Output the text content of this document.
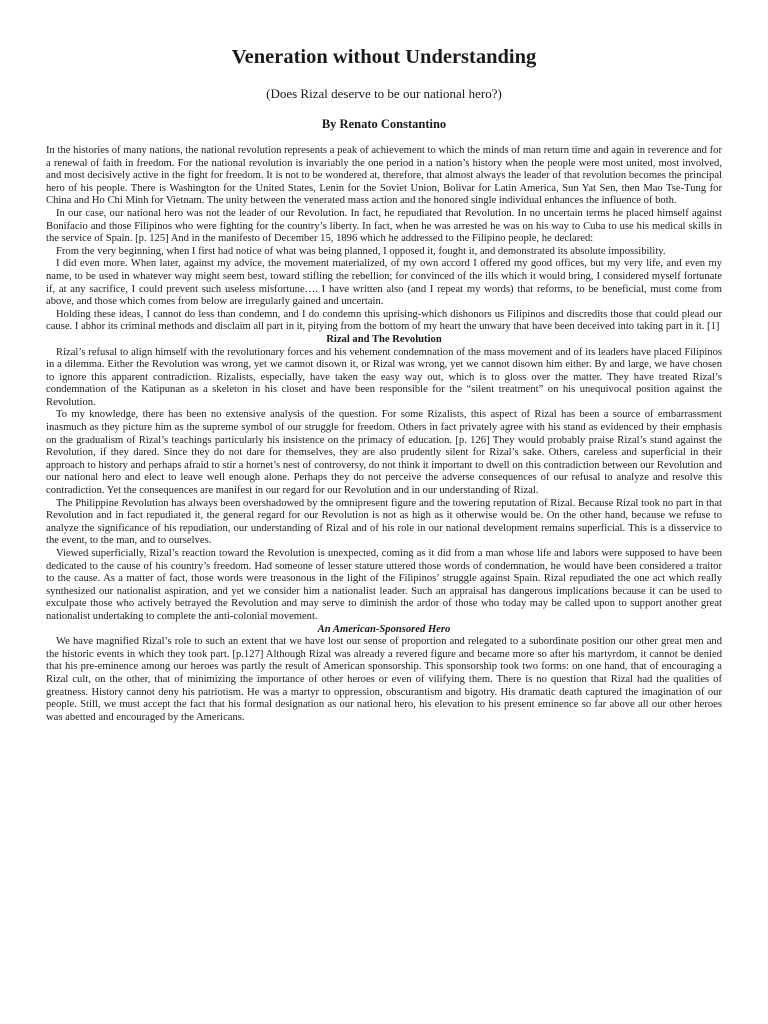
Veneration without Understanding
(Does Rizal deserve to be our national hero?)
By Renato Constantino

In the histories of many nations, the national revolution represents a peak of achievement to which the minds of man return time and again in reverence and for a renewal of faith in freedom. For the national revolution is invariably the one period in a nation’s history when the people were most united, most involved, and most decisively active in the fight for freedom. It is not to be wondered at, therefore, that almost always the leader of that revolution becomes the principal hero of his people. There is Washington for the United States, Lenin for the Soviet Union, Bolivar for Latin America, Sun Yat Sen, then Mao Tse-Tung for China and Ho Chi Minh for Vietnam. The unity between the venerated mass action and the honored single individual enhances the influence of both.

In our case, our national hero was not the leader of our Revolution. In fact, he repudiated that Revolution. In no uncertain terms he placed himself against Bonifacio and those Filipinos who were fighting for the country’s liberty. In fact, when he was arrested he was on his way to Cuba to use his medical skills in the service of Spain. [p. 125] And in the manifesto of December 15, 1896 which he addressed to the Filipino people, he declared:

From the very beginning, when I first had notice of what was being planned, I opposed it, fought it, and demonstrated its absolute impossibility.

I did even more. When later, against my advice, the movement materialized, of my own accord I offered my good offices, but my very life, and even my name, to be used in whatever way might seem best, toward stifling the rebellion; for convinced of the ills which it would bring, I considered myself fortunate if, at any sacrifice, I could prevent such useless misfortune…. I have written also (and I repeat my words) that reforms, to be beneficial, must come from above, and those which comes from below are irregularly gained and uncertain.

Holding these ideas, I cannot do less than condemn, and I do condemn this uprising-which dishonors us Filipinos and discredits those that could plead our cause. I abhor its criminal methods and disclaim all part in it, pitying from the bottom of my heart the unwary that have been deceived into taking part in it. [1]

Rizal and The Revolution

Rizal’s refusal to align himself with the revolutionary forces and his vehement condemnation of the mass movement and of its leaders have placed Filipinos in a dilemma. Either the Revolution was wrong, yet we cannot disown it, or Rizal was wrong, yet we cannot disown him either. By and large, we have chosen to ignore this apparent contradiction. Rizalists, especially, have taken the easy way out, which is to gloss over the matter. They have treated Rizal’s condemnation of the Katipunan as a skeleton in his closet and have been responsible for the “silent treatment” on his unequivocal position against the Revolution.

To my knowledge, there has been no extensive analysis of the question. For some Rizalists, this aspect of Rizal has been a source of embarrassment inasmuch as they picture him as the supreme symbol of our struggle for freedom. Others in fact privately agree with his stand as evidenced by their emphasis on the gradualism of Rizal’s teachings particularly his insistence on the primacy of education. [p. 126] They would probably praise Rizal’s stand against the Revolution, if they dared. Since they do not dare for themselves, they are also prudently silent for Rizal’s sake. Others, careless and superficial in their approach to history and perhaps afraid to stir a hornet’s nest of controversy, do not think it important to dwell on this contradiction between our Revolution and our national hero and elect to leave well enough alone. Perhaps they do not perceive the adverse consequences of our refusal to analyze and resolve this contradiction. Yet the consequences are manifest in our regard for our Revolution and in our understanding of Rizal.

The Philippine Revolution has always been overshadowed by the omnipresent figure and the towering reputation of Rizal. Because Rizal took no part in that Revolution and in fact repudiated it, the general regard for our Revolution is not as high as it otherwise would be. On the other hand, because we refuse to analyze the significance of his repudiation, our understanding of Rizal and of his role in our national development remains superficial. This is a disservice to the event, to the man, and to ourselves.

Viewed superficially, Rizal’s reaction toward the Revolution is unexpected, coming as it did from a man whose life and labors were supposed to have been dedicated to the cause of his country’s freedom. Had someone of lesser stature uttered those words of condemnation, he would have been considered a traitor to the cause. As a matter of fact, those words were treasonous in the light of the Filipinos’ struggle against Spain. Rizal repudiated the one act which really synthesized our nationalist aspiration, and yet we consider him a nationalist leader. Such an appraisal has dangerous implications because it can be used to exculpate those who actively betrayed the Revolution and may serve to diminish the ardor of those who today may be called upon to support another great nationalist undertaking to complete the anti-colonial movement.

An American-Sponsored Hero

We have magnified Rizal’s role to such an extent that we have lost our sense of proportion and relegated to a subordinate position our other great men and the historic events in which they took part. [p.127] Although Rizal was already a revered figure and became more so after his martyrdom, it cannot be denied that his pre-eminence among our heroes was partly the result of American sponsorship. This sponsorship took two forms: on one hand, that of encouraging a Rizal cult, on the other, that of minimizing the importance of other heroes or even of vilifying them. There is no question that Rizal had the qualities of greatness. History cannot deny his patriotism. He was a martyr to oppression, obscurantism and bigotry. His dramatic death captured the imagination of our people. Still, we must accept the fact that his formal designation as our national hero, his elevation to his present eminence so far above all our other heroes was abetted and encouraged by the Americans.
